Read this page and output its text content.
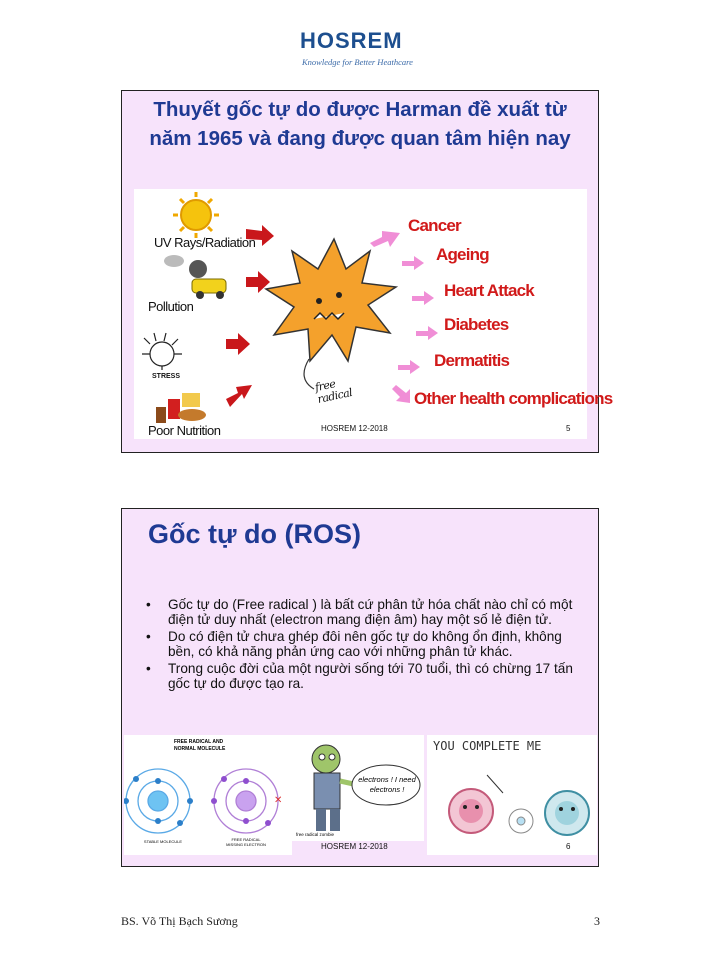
HOSREM
Knowledge for Better Heathcare
Thuyết gốc tự do được Harman đề xuất từ năm 1965 và đang được quan tâm hiện nay
UV Rays/Radiation
Pollution
STRESS
Poor Nutrition
free radical
Cancer
Ageing
Heart Attack
Diabetes
Dermatitis
Other health complications
HOSREM 12-2018	5
Gốc tự do (ROS)
• Gốc tự do (Free radical ) là bất cứ phân tử hóa chất nào chỉ có một điện tử duy nhất (electron mang điện âm) hay một số lẻ điện tử.
• Do có điện tử chưa ghép đôi nên gốc tự do không ổn định, không bền, có khả năng phản ứng cao với những phân tử khác.
• Trong cuộc đời của một người sống tới 70 tuổi, thì có chừng 17 tấn gốc tự do được tạo ra.
FREE RADICAL AND NORMAL MOLECULE
✕
STABLE MOLECULE	FREE RADICAL MISSING ELECTRON
electrons ! I need electrons !
free radical zombie
YOU COMPLETE ME
HOSREM 12-2018	6
BS. Võ Thị Bạch Sương	3
